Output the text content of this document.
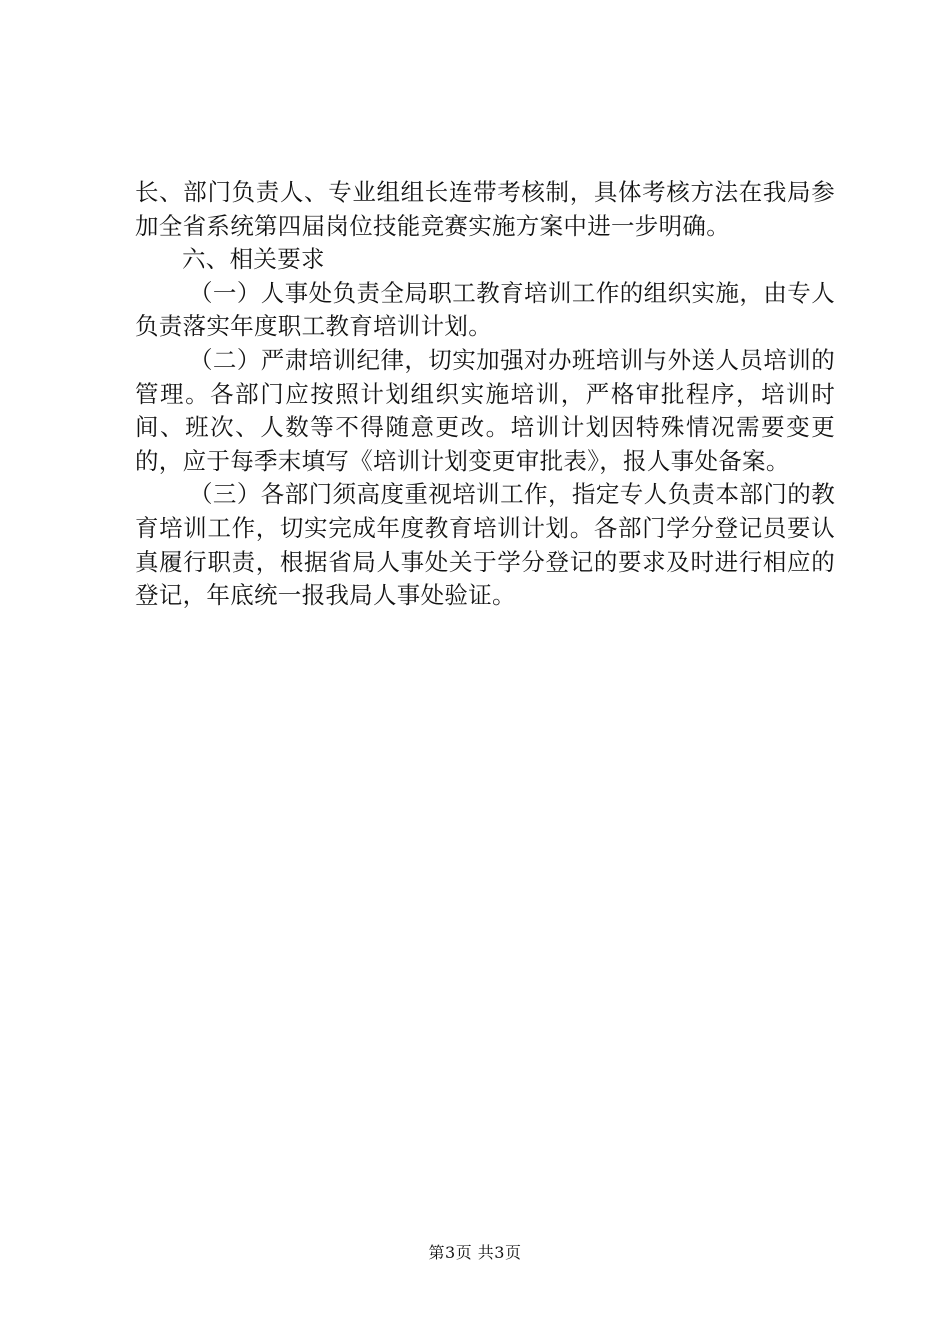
长、部门负责人、专业组组长连带考核制，具体考核方法在我局参加全省系统第四届岗位技能竞赛实施方案中进一步明确。

六、相关要求

（一）人事处负责全局职工教育培训工作的组织实施，由专人负责落实年度职工教育培训计划。

（二）严肃培训纪律，切实加强对办班培训与外送人员培训的管理。各部门应按照计划组织实施培训，严格审批程序，培训时间、班次、人数等不得随意更改。培训计划因特殊情况需要变更的，应于每季末填写《培训计划变更审批表》，报人事处备案。

（三）各部门须高度重视培训工作，指定专人负责本部门的教育培训工作，切实完成年度教育培训计划。各部门学分登记员要认真履行职责，根据省局人事处关于学分登记的要求及时进行相应的登记，年底统一报我局人事处验证。

第3页 共3页
